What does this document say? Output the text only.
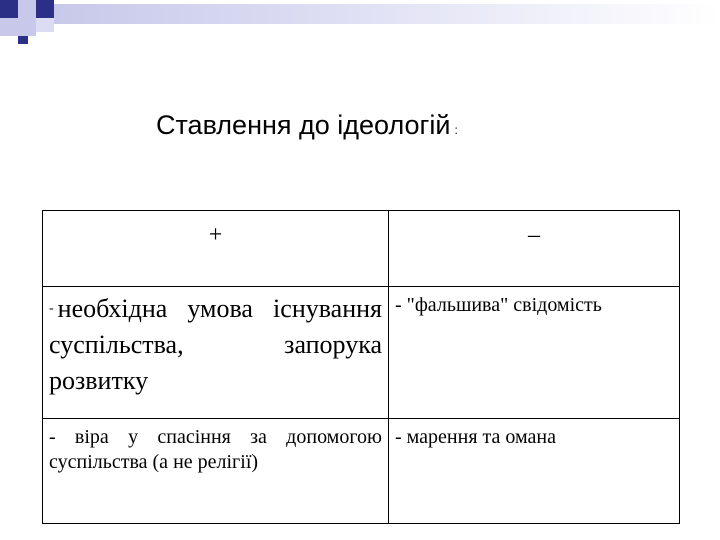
Ставлення до ідеологій :
+	–
- необхідна умова існування суспільства, запорука розвитку	- "фальшива" свідомість
- віра у спасіння за допомогою суспільства (а не релігії)	- марення та омана
